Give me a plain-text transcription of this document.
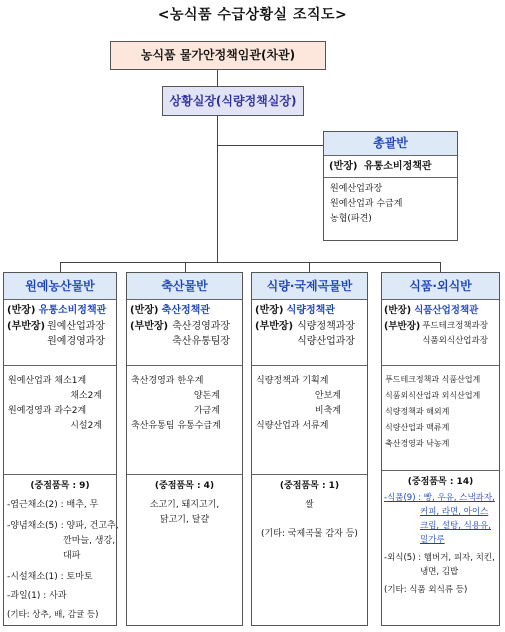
<농식품 수급상황실 조직도>
농식품 물가안정책임관(차관)
상황실장(식량정책실장)
총괄반
(반장) 유통소비정책관
원예산업과장
원예산업과 수급계
농협(파견)
원예농산물반
(반장) 유통소비정책관
(부반장) 원예산업과장
원예경영과장
원예산업과 채소1계
채소2계
원예경영과 과수2계
시설2계
(중점품목 : 9)
-엽근채소(2) : 배추, 무
-양념채소(5) : 양파, 건고추,
깐마늘, 생강,
대파
-시설채소(1) : 토마토
-과일(1) : 사과
(기타: 상추, 배, 감귤 등)
축산물반
(반장) 축산정책관
(부반장) 축산경영과장
축산유통팀장
축산경영과 한우계
양돈계
가금계
축산유통팀 유통수급계
(중점품목 : 4)
소고기, 돼지고기,
닭고기, 달걀
식량·국제곡물반
(반장) 식량정책관
(부반장) 식량정책과장
식량산업과장
식량정책과 기획계
안보계
비축계
식량산업과 서류계
(중점품목 : 1)
쌀
(기타: 국제곡물 감자 등)
식품·외식반
(반장) 식품산업정책관
(부반장) 푸드테크정책과장
식품외식산업과장
푸드테크정책과 식품산업계
식품외식산업과 외식산업계
식량정책과 해외계
식량산업과 맥류계
축산경영과 낙농계
(중점품목 : 14)
-식품(9) : 빵, 우유, 스낵과자,
커피, 라면, 아이스
크림, 설탕, 식용유,
밀가루
-외식(5) : 햄버거, 피자, 치킨,
냉면, 김밥
(기타: 식품 외식류 등)
